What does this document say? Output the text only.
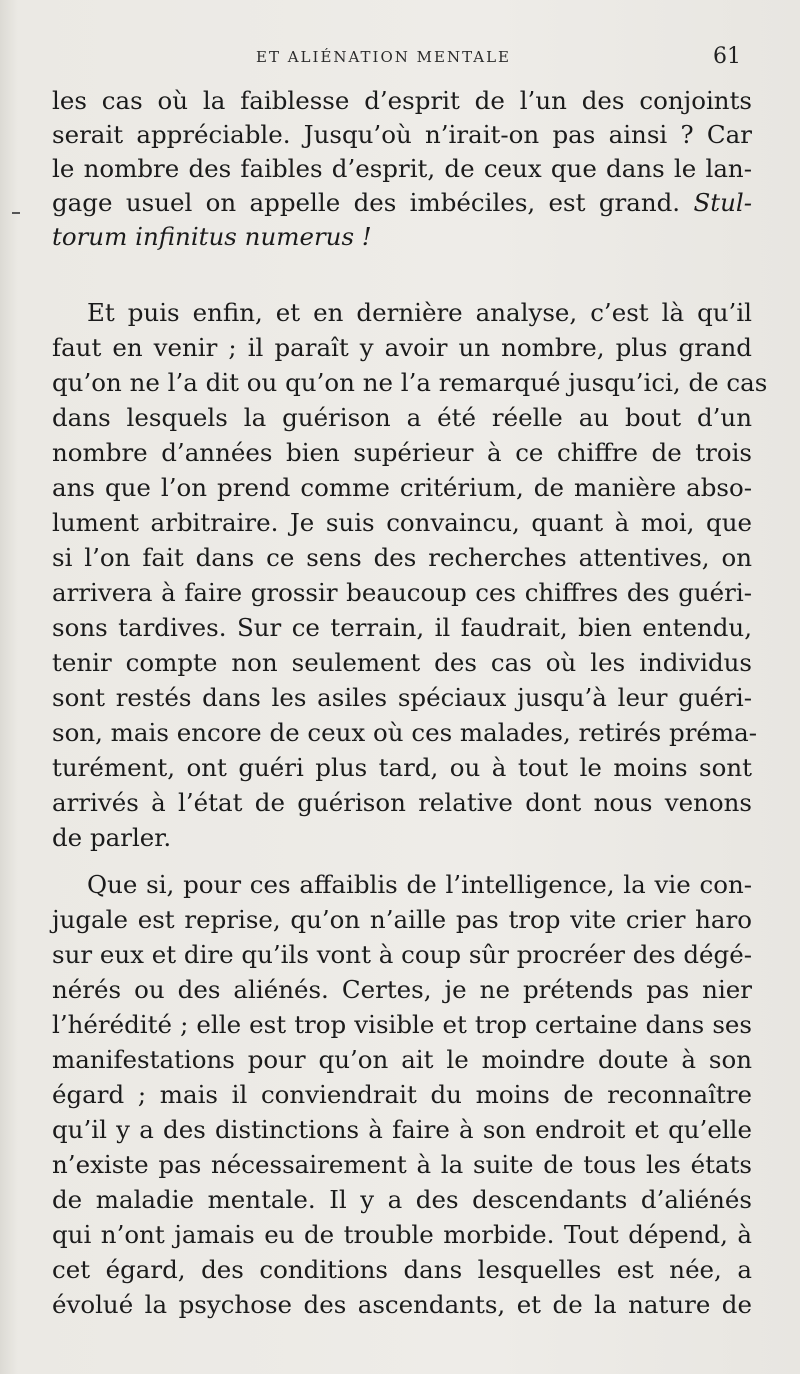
ET ALIÉNATION MENTALE	61
les cas où la faiblesse d’esprit de l’un des conjoints
serait appréciable. Jusqu’où n’irait-on pas ainsi ? Car
le nombre des faibles d’esprit, de ceux que dans le lan-
gage usuel on appelle des imbéciles, est grand. Stul-
torum infinitus numerus !
Et puis enfin, et en dernière analyse, c’est là qu’il
faut en venir ; il paraît y avoir un nombre, plus grand
qu’on ne l’a dit ou qu’on ne l’a remarqué jusqu’ici, de cas
dans lesquels la guérison a été réelle au bout d’un
nombre d’années bien supérieur à ce chiffre de trois
ans que l’on prend comme critérium, de manière abso-
lument arbitraire. Je suis convaincu, quant à moi, que
si l’on fait dans ce sens des recherches attentives, on
arrivera à faire grossir beaucoup ces chiffres des guéri-
sons tardives. Sur ce terrain, il faudrait, bien entendu,
tenir compte non seulement des cas où les individus
sont restés dans les asiles spéciaux jusqu’à leur guéri-
son, mais encore de ceux où ces malades, retirés préma-
turément, ont guéri plus tard, ou à tout le moins sont
arrivés à l’état de guérison relative dont nous venons
de parler.
Que si, pour ces affaiblis de l’intelligence, la vie con-
jugale est reprise, qu’on n’aille pas trop vite crier haro
sur eux et dire qu’ils vont à coup sûr procréer des dégé-
nérés ou des aliénés. Certes, je ne prétends pas nier
l’hérédité ; elle est trop visible et trop certaine dans ses
manifestations pour qu’on ait le moindre doute à son
égard ; mais il conviendrait du moins de reconnaître
qu’il y a des distinctions à faire à son endroit et qu’elle
n’existe pas nécessairement à la suite de tous les états
de maladie mentale. Il y a des descendants d’aliénés
qui n’ont jamais eu de trouble morbide. Tout dépend, à
cet égard, des conditions dans lesquelles est née, a
évolué la psychose des ascendants, et de la nature de
